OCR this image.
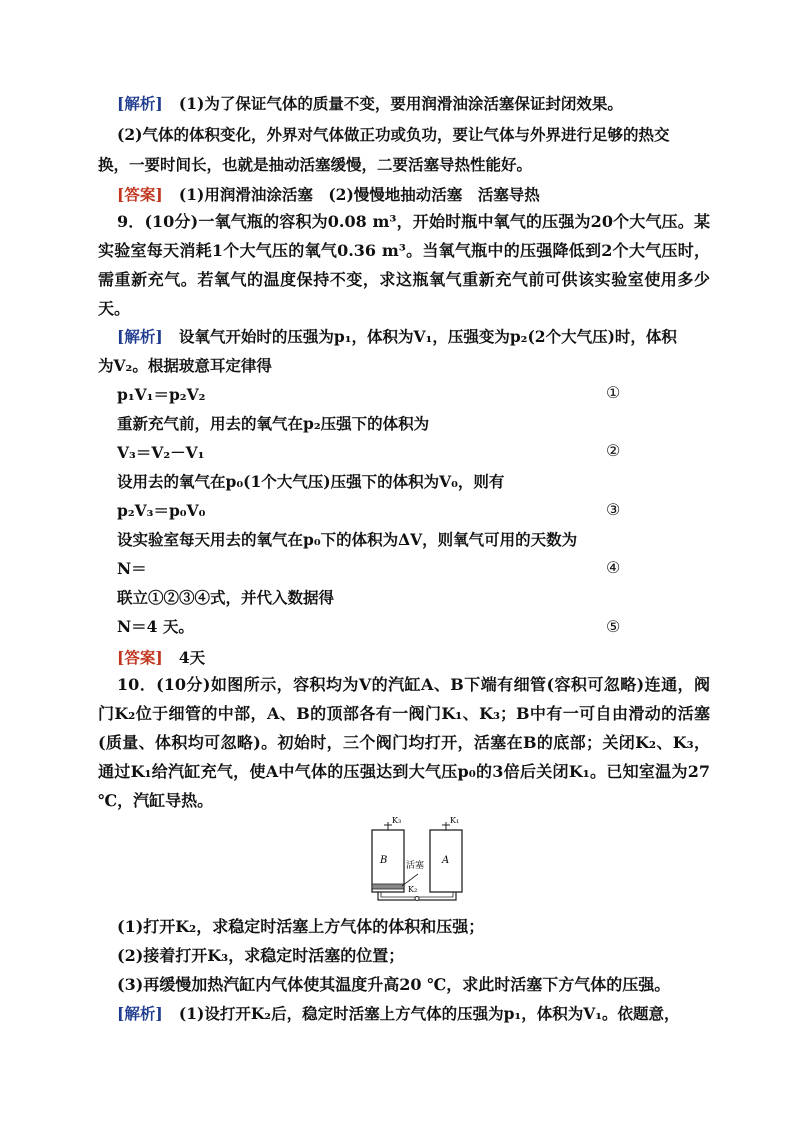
[解析] (1)为了保证气体的质量不变，要用润滑油涂活塞保证封闭效果。
(2)气体的体积变化，外界对气体做正功或负功，要让气体与外界进行足够的热交
换，一要时间长，也就是抽动活塞缓慢，二要活塞导热性能好。
[答案] (1)用润滑油涂活塞　(2)慢慢地抽动活塞　活塞导热
9．(10分)一氧气瓶的容积为0.08 m³，开始时瓶中氧气的压强为20个大气压。某实验室每天消耗1个大气压的氧气0.36 m³。当氧气瓶中的压强降低到2个大气压时，需重新充气。若氧气的温度保持不变，求这瓶氧气重新充气前可供该实验室使用多少天。
[解析] 设氧气开始时的压强为p₁，体积为V₁，压强变为p₂(2个大气压)时，体积
为V₂。根据玻意耳定律得
p₁V₁＝p₂V₂	①
重新充气前，用去的氧气在p₂压强下的体积为
V₃＝V₂－V₁	②
设用去的氧气在p₀(1个大气压)压强下的体积为V₀，则有
p₂V₃＝p₀V₀	③
设实验室每天用去的氧气在p₀下的体积为ΔV，则氧气可用的天数为
N＝	④
联立①②③④式，并代入数据得
N＝4 天。	⑤
[答案] 4天
10．(10分)如图所示，容积均为V的汽缸A、B下端有细管(容积可忽略)连通，阀门K₂位于细管的中部，A、B的顶部各有一阀门K₁、K₃；B中有一可自由滑动的活塞(质量、体积均可忽略)。初始时，三个阀门均打开，活塞在B的底部；关闭K₂、K₃，通过K₁给汽缸充气，使A中气体的压强达到大气压p₀的3倍后关闭K₁。已知室温为27 ℃，汽缸导热。
B	A
活塞
K₃	K₁
K₂
(1)打开K₂，求稳定时活塞上方气体的体积和压强；
(2)接着打开K₃，求稳定时活塞的位置；
(3)再缓慢加热汽缸内气体使其温度升高20 ℃，求此时活塞下方气体的压强。
[解析] (1)设打开K₂后，稳定时活塞上方气体的压强为p₁，体积为V₁。依题意，
